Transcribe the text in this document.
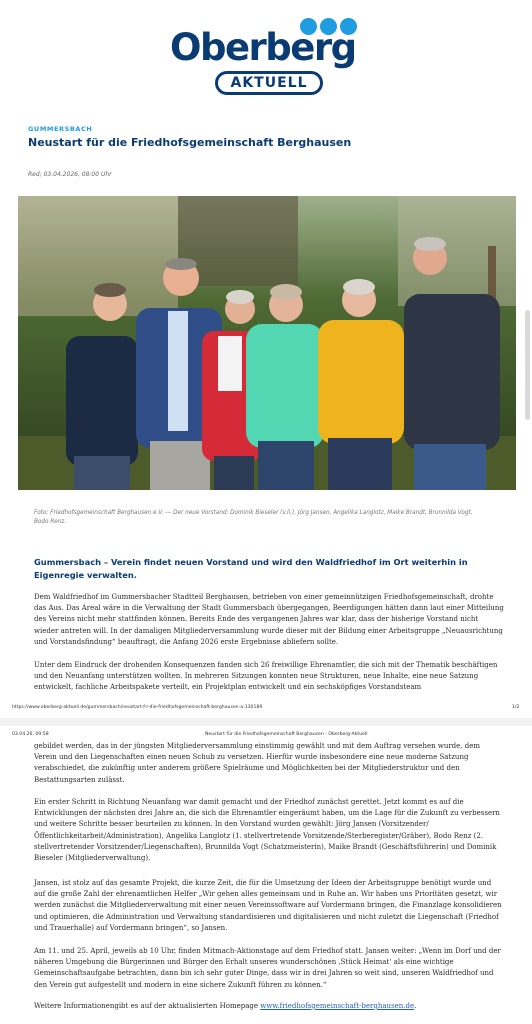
Oberberg
AKTUELL
GUMMERSBACH
Neustart für die Friedhofsgemeinschaft Berghausen
Red; 03.04.2026, 08:00 Uhr
Foto: Friedhofsgemeinschaft Berghausen e.V. --- Der neue Vorstand: Dominik Bieseler (v.li.), Jörg Jansen, Angelika Langlotz, Maike Brandt, Brunnilda Vogt, Bodo Renz.
Gummersbach – Verein findet neuen Vorstand und wird den Waldfriedhof im Ort weiterhin in Eigenregie verwalten.
Dem Waldfriedhof im Gummersbacher Stadtteil Berghausen, betrieben von einer gemeinnützigen Friedhofsgemeinschaft, drohte das Aus. Das Areal wäre in die Verwaltung der Stadt Gummersbach übergegangen, Beerdigungen hätten dann laut einer Mitteilung des Vereins nicht mehr stattfinden können. Bereits Ende des vergangenen Jahres war klar, dass der bisherige Vorstand nicht wieder antreten will. In der damaligen Mitgliederversammlung wurde dieser mit der Bildung einer Arbeitsgruppe „Neuausrichtung und Vorstandsfindung“ beauftragt, die Anfang 2026 erste Ergebnisse abliefern sollte.
Unter dem Eindruck der drohenden Konsequenzen fanden sich 26 freiwillige Ehrenamtler, die sich mit der Thematik beschäftigen und den Neuanfang unterstützen wollten. In mehreren Sitzungen konnten neue Strukturen, neue Inhalte, eine neue Satzung entwickelt, fachliche Arbeitspakete verteilt, ein Projektplan entwickelt und ein sechsköpfiges Vorstandsteam
https://www.oberberg-aktuell.de/gummersbach/neustart-f-r-die-friedhofsgemeinschaft-berghausen-a-130189	1/2
03.04.26, 09:58	Neustart für die Friedhofsgemeinschaft Berghausen - Oberberg-Aktuell
gebildet werden, das in der jüngsten Mitgliederversammlung einstimmig gewählt und mit dem Auftrag versehen wurde, dem Verein und den Liegenschaften einen neuen Schub zu versetzen. Hierfür wurde insbesondere eine neue moderne Satzung verabschiedet, die zukünftig unter anderem größere Spielräume und Möglichkeiten bei der Mitgliederstruktur und den Bestattungsarten zulässt.
Ein erster Schritt in Richtung Neuanfang war damit gemacht und der Friedhof zunächst gerettet. Jetzt kommt es auf die Entwicklungen der nächsten drei Jahre an, die sich die Ehrenamtler eingeräumt haben, um die Lage für die Zukunft zu verbessern und weitere Schritte besser beurteilen zu können. In den Vorstand wurden gewählt: Jörg Jansen (Vorsitzender/ Öffentlichkeitarbeit/Administration), Angelika Langlotz (1. stellvertretende Vorsitzende/Sterberegister/Gräber), Bodo Renz (2. stellvertretender Vorsitzender/Liegenschaften), Brunnilda Vogt (Schatzmeisterin), Maike Brandt (Geschäftsführerin) und Dominik Bieseler (Mitgliederverwaltung).
Jansen, ist stolz auf das gesamte Projekt, die kurze Zeit, die für die Umsetzung der Ideen der Arbeitsgruppe benötigt wurde und auf die große Zahl der ehrenamtlichen Helfer „Wir gehen alles gemeinsam und in Ruhe an. Wir haben uns Prioritäten gesetzt, wir werden zunächst die Mitgliederverwaltung mit einer neuen Vereinssoftware auf Vordermann bringen, die Finanzlage konsolidieren und optimieren, die Administration und Verwaltung standardisieren und digitalisieren und nicht zuletzt die Liegenschaft (Friedhof und Trauerhalle) auf Vordermann bringen“, so Jansen.
Am 11. und 25. April, jeweils ab 10 Uhr, finden Mitmach-Aktionstage auf dem Friedhof statt. Jansen weiter: „Wenn im Dorf und der näheren Umgebung die Bürgerinnen und Bürger den Erhalt unseres wunderschönen ‚Stück Heimat‘ als eine wichtige Gemeinschaftsaufgabe betrachten, dann bin ich sehr guter Dinge, dass wir in drei Jahren so weit sind, unseren Waldfriedhof und den Verein gut aufgestellt und modern in eine sichere Zukunft führen zu können.“
Weitere Informationengibt es auf der aktualisierten Homepage www.friedhofsgemeinschaft-berghausen.de.
